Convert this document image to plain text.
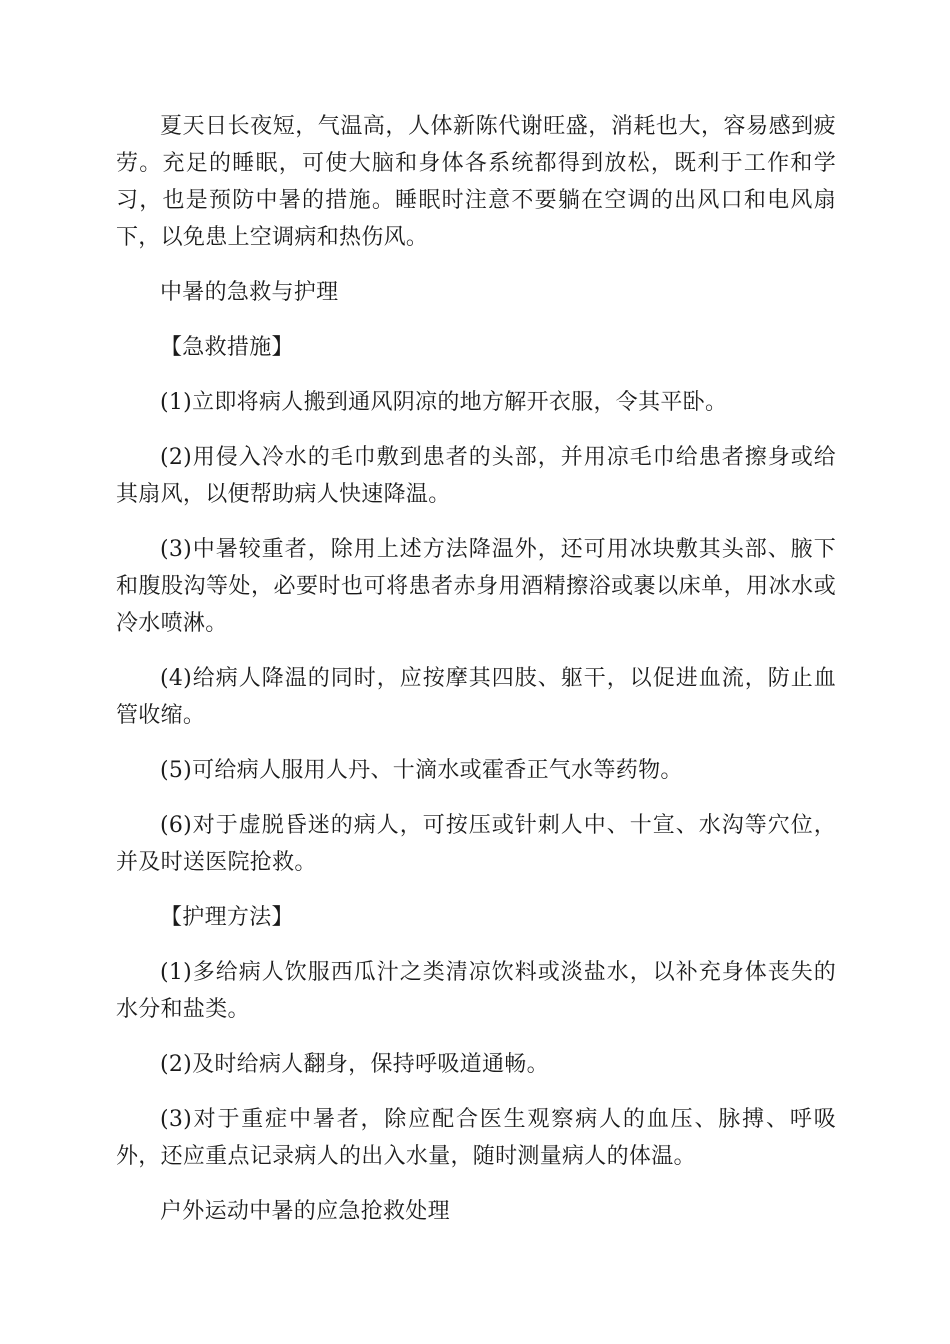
夏天日长夜短，气温高，人体新陈代谢旺盛，消耗也大，容易感到疲劳。充足的睡眠，可使大脑和身体各系统都得到放松，既利于工作和学习，也是预防中暑的措施。睡眠时注意不要躺在空调的出风口和电风扇下，以免患上空调病和热伤风。

中暑的急救与护理

【急救措施】

(1)立即将病人搬到通风阴凉的地方解开衣服，令其平卧。

(2)用侵入冷水的毛巾敷到患者的头部，并用凉毛巾给患者擦身或给其扇风，以便帮助病人快速降温。

(3)中暑较重者，除用上述方法降温外，还可用冰块敷其头部、腋下和腹股沟等处，必要时也可将患者赤身用酒精擦浴或裹以床单，用冰水或冷水喷淋。

(4)给病人降温的同时，应按摩其四肢、躯干，以促进血流，防止血管收缩。

(5)可给病人服用人丹、十滴水或霍香正气水等药物。

(6)对于虚脱昏迷的病人，可按压或针刺人中、十宣、水沟等穴位，并及时送医院抢救。

【护理方法】

(1)多给病人饮服西瓜汁之类清凉饮料或淡盐水，以补充身体丧失的水分和盐类。

(2)及时给病人翻身，保持呼吸道通畅。

(3)对于重症中暑者，除应配合医生观察病人的血压、脉搏、呼吸外，还应重点记录病人的出入水量，随时测量病人的体温。

户外运动中暑的应急抢救处理
